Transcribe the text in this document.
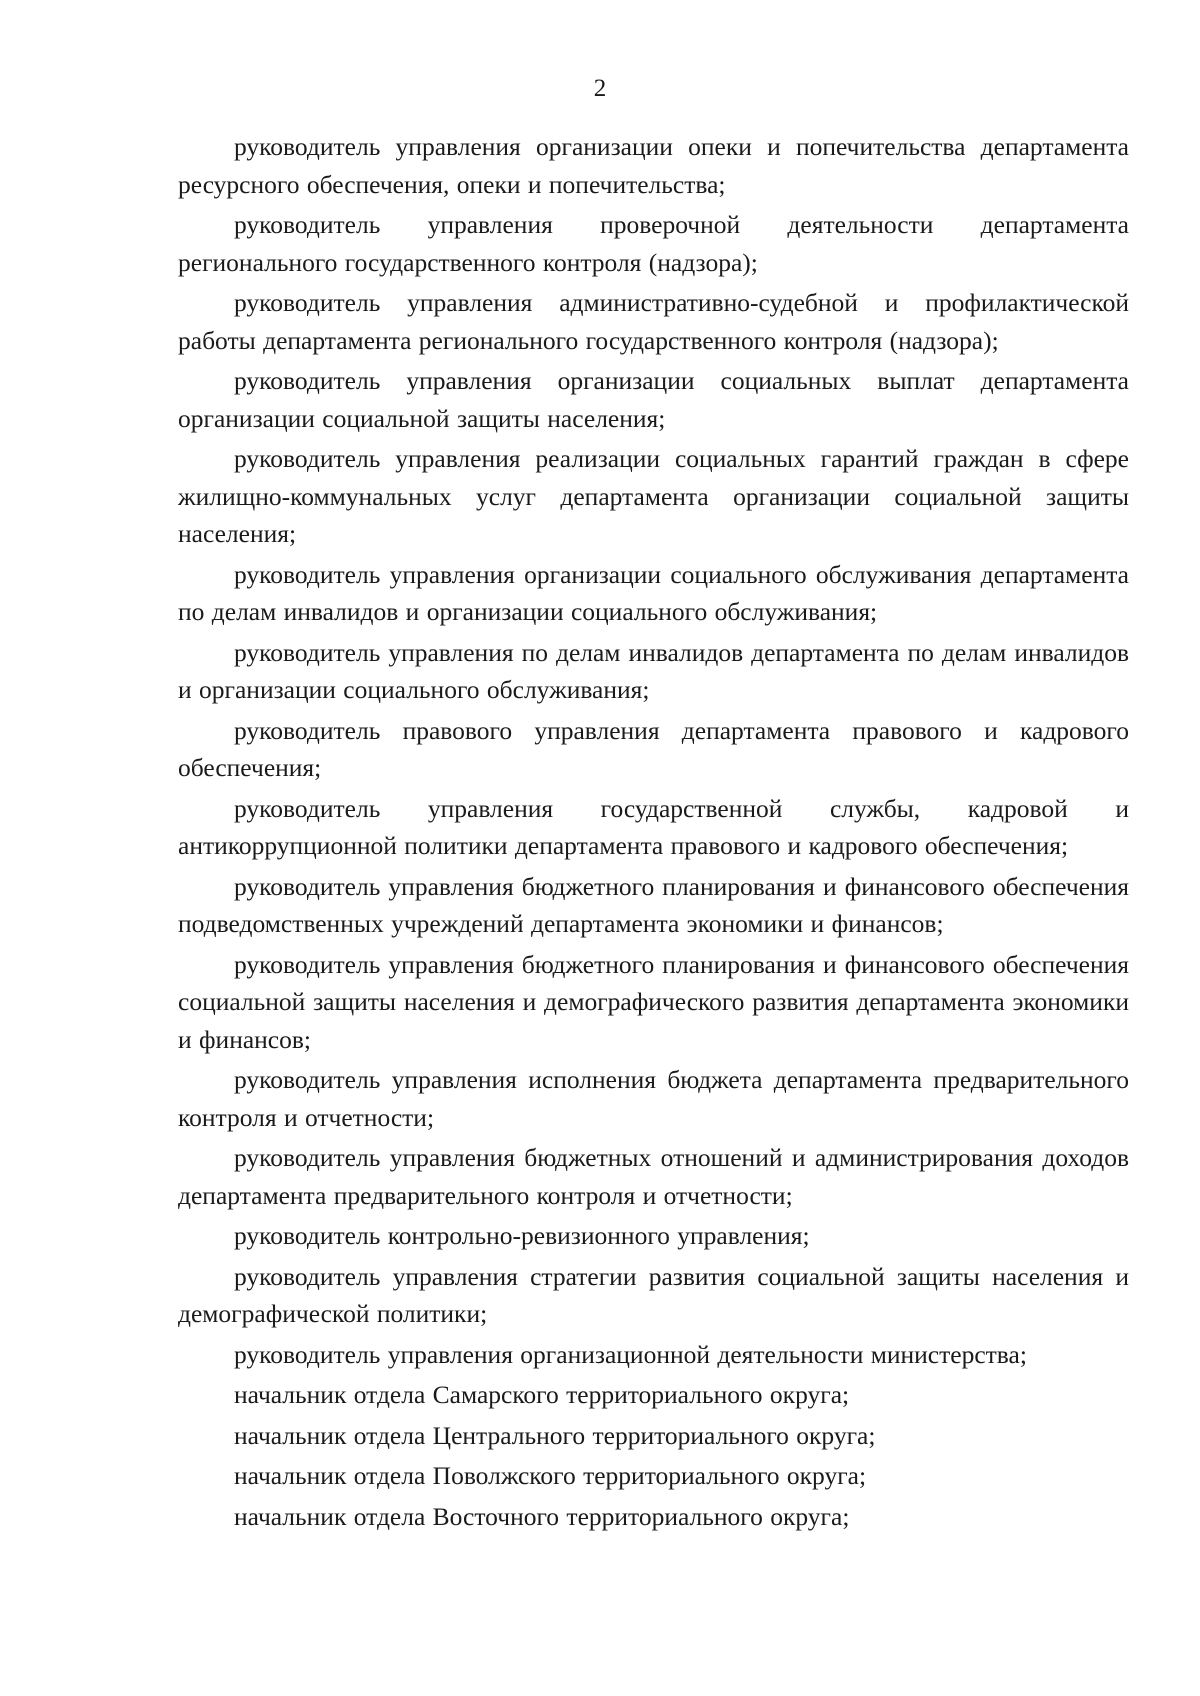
2

руководитель управления организации опеки и попечительства департамента ресурсного обеспечения, опеки и попечительства;

руководитель управления проверочной деятельности департамента регионального государственного контроля (надзора);

руководитель управления административно-судебной и профилактической работы департамента регионального государственного контроля (надзора);

руководитель управления организации социальных выплат департамента организации социальной защиты населения;

руководитель управления реализации социальных гарантий граждан в сфере жилищно-коммунальных услуг департамента организации социальной защиты населения;

руководитель управления организации социального обслуживания департамента по делам инвалидов и организации социального обслуживания;

руководитель управления по делам инвалидов департамента по делам инвалидов и организации социального обслуживания;

руководитель правового управления департамента правового и кадрового обеспечения;

руководитель управления государственной службы, кадровой и антикоррупционной политики департамента правового и кадрового обеспечения;

руководитель управления бюджетного планирования и финансового обеспечения подведомственных учреждений департамента экономики и финансов;

руководитель управления бюджетного планирования и финансового обеспечения социальной защиты населения и демографического развития департамента экономики и финансов;

руководитель управления исполнения бюджета департамента предварительного контроля и отчетности;

руководитель управления бюджетных отношений и администрирования доходов департамента предварительного контроля и отчетности;

руководитель контрольно-ревизионного управления;

руководитель управления стратегии развития социальной защиты населения и демографической политики;

руководитель управления организационной деятельности министерства;

начальник отдела Самарского территориального округа;

начальник отдела Центрального территориального округа;

начальник отдела Поволжского территориального округа;

начальник отдела Восточного территориального округа;
